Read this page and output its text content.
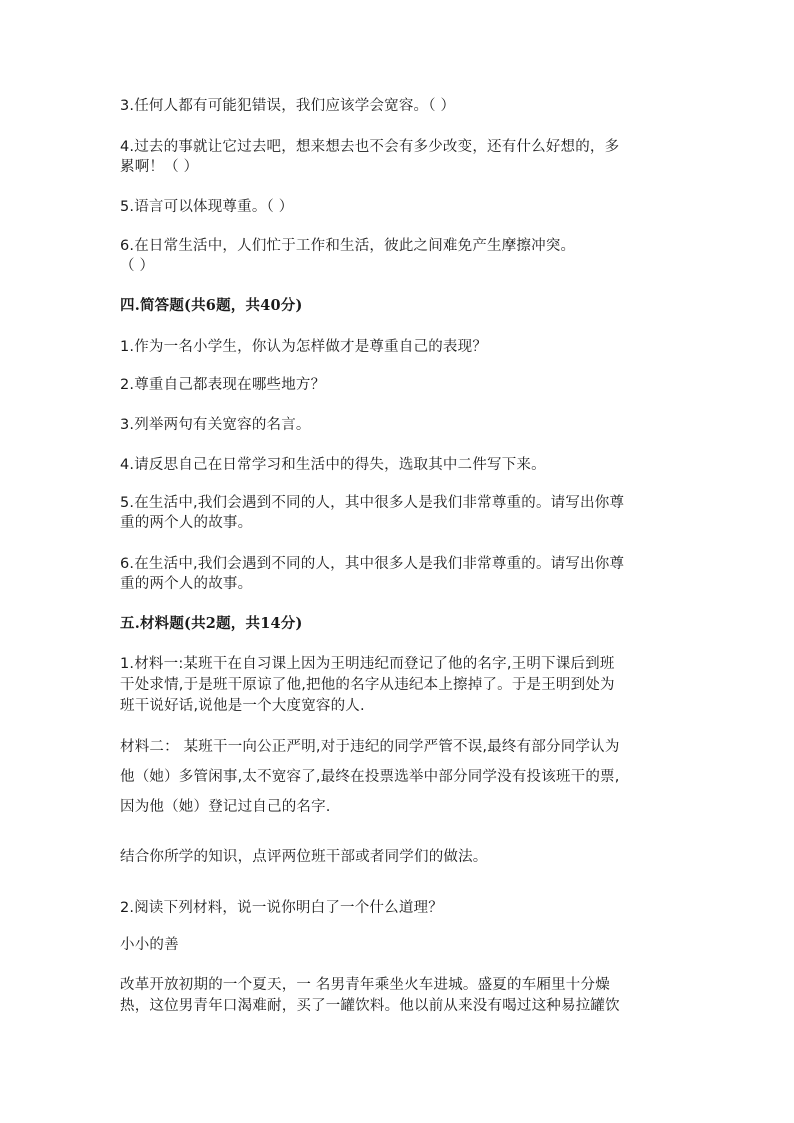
3.任何人都有可能犯错误，我们应该学会宽容。（ ）
4.过去的事就让它过去吧，想来想去也不会有多少改变，还有什么好想的，多
累啊！（ ）
5.语言可以体现尊重。（ ）
6.在日常生活中，人们忙于工作和生活，彼此之间难免产生摩擦冲突。
（ ）
四.简答题(共6题，共40分)
1.作为一名小学生，你认为怎样做才是尊重自己的表现？
2.尊重自己都表现在哪些地方？
3.列举两句有关宽容的名言。
4.请反思自己在日常学习和生活中的得失，选取其中二件写下来。
5.在生活中,我们会遇到不同的人，其中很多人是我们非常尊重的。请写出你尊
重的两个人的故事。
6.在生活中,我们会遇到不同的人，其中很多人是我们非常尊重的。请写出你尊
重的两个人的故事。
五.材料题(共2题，共14分)
1.材料一:某班干在自习课上因为王明违纪而登记了他的名字,王明下课后到班
干处求情,于是班干原谅了他,把他的名字从违纪本上擦掉了。于是王明到处为
班干说好话,说他是一个大度宽容的人.
材料二： 某班干一向公正严明,对于违纪的同学严管不误,最终有部分同学认为
他（她）多管闲事,太不宽容了,最终在投票选举中部分同学没有投该班干的票,
因为他（她）登记过自己的名字.
结合你所学的知识，点评两位班干部或者同学们的做法。
2.阅读下列材料，说一说你明白了一个什么道理？
小小的善
改革开放初期的一个夏天，一 名男青年乘坐火车进城。盛夏的车厢里十分燥
热，这位男青年口渴难耐，买了一罐饮料。他以前从来没有喝过这种易拉罐饮
